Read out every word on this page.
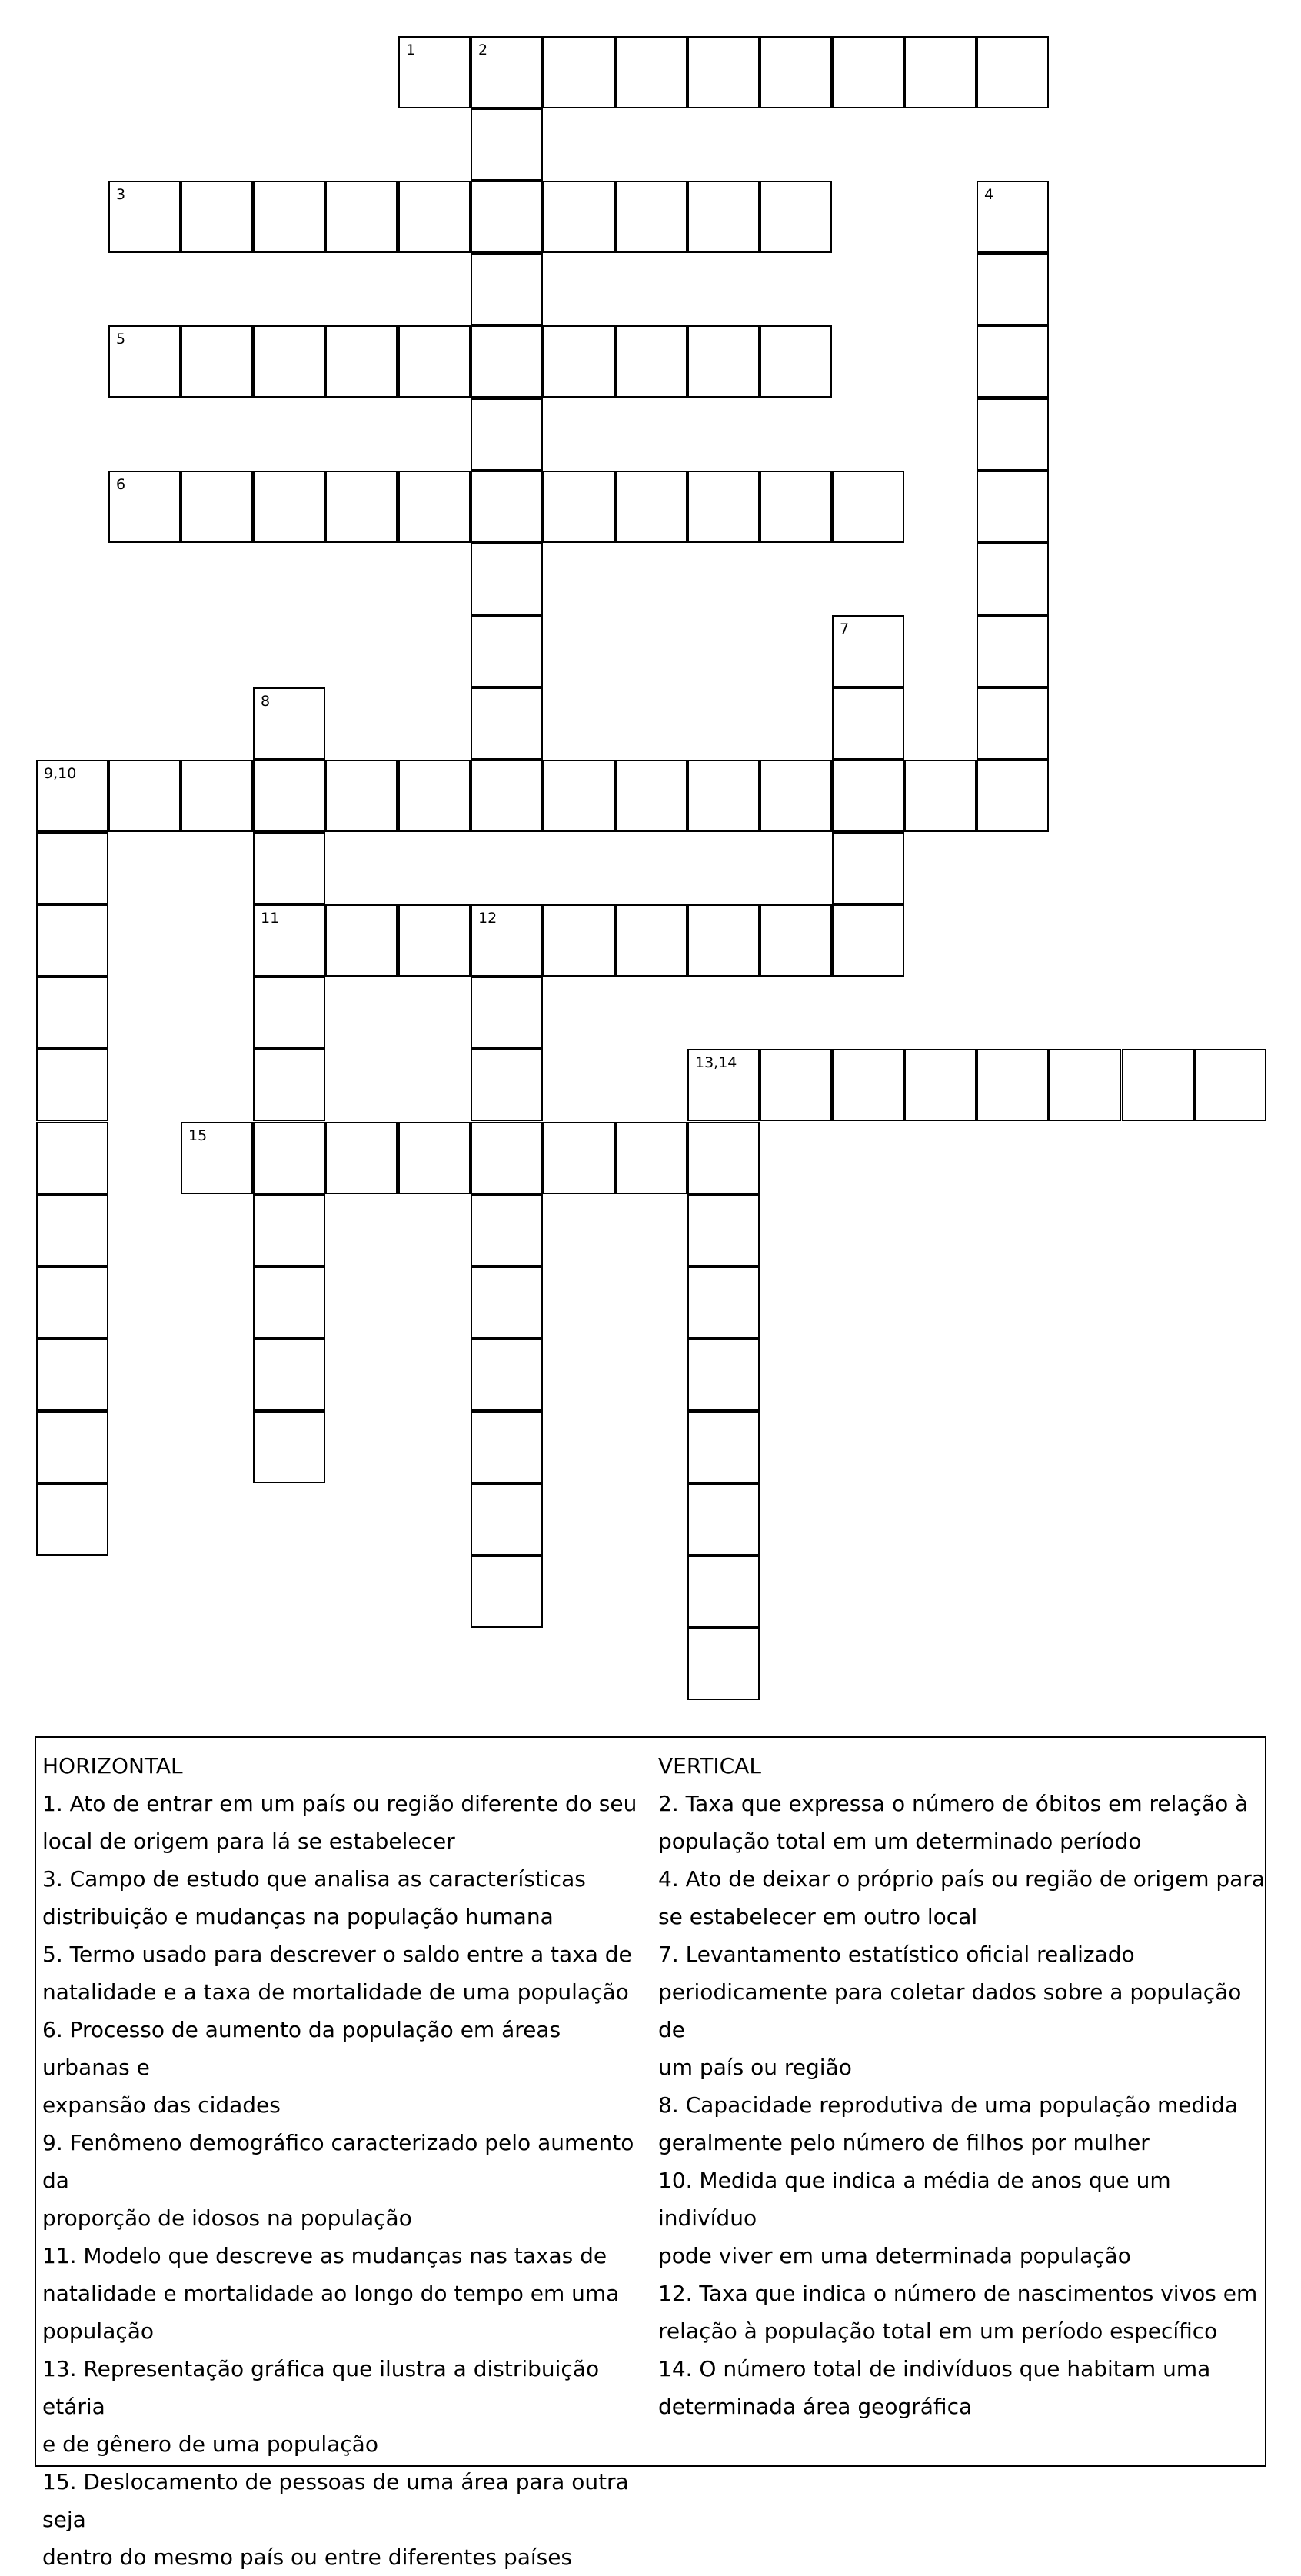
1	2
3	4
5
6
7
8
11
9,10
12
13,14
15
HORIZONTAL
1. Ato de entrar em um país ou região diferente do seu
local de origem para lá se estabelecer
3. Campo de estudo que analisa as características
distribuição e mudanças na população humana
5. Termo usado para descrever o saldo entre a taxa de
natalidade e a taxa de mortalidade de uma população
6. Processo de aumento da população em áreas urbanas e
expansão das cidades
9. Fenômeno demográfico caracterizado pelo aumento da
proporção de idosos na população
11. Modelo que descreve as mudanças nas taxas de
natalidade e mortalidade ao longo do tempo em uma
população
13. Representação gráfica que ilustra a distribuição etária
e de gênero de uma população
15. Deslocamento de pessoas de uma área para outra seja
dentro do mesmo país ou entre diferentes países
VERTICAL
2. Taxa que expressa o número de óbitos em relação à
população total em um determinado período
4. Ato de deixar o próprio país ou região de origem para
se estabelecer em outro local
7. Levantamento estatístico oficial realizado
periodicamente para coletar dados sobre a população de
um país ou região
8. Capacidade reprodutiva de uma população medida
geralmente pelo número de filhos por mulher
10. Medida que indica a média de anos que um indivíduo
pode viver em uma determinada população
12. Taxa que indica o número de nascimentos vivos em
relação à população total em um período específico
14. O número total de indivíduos que habitam uma
determinada área geográfica
